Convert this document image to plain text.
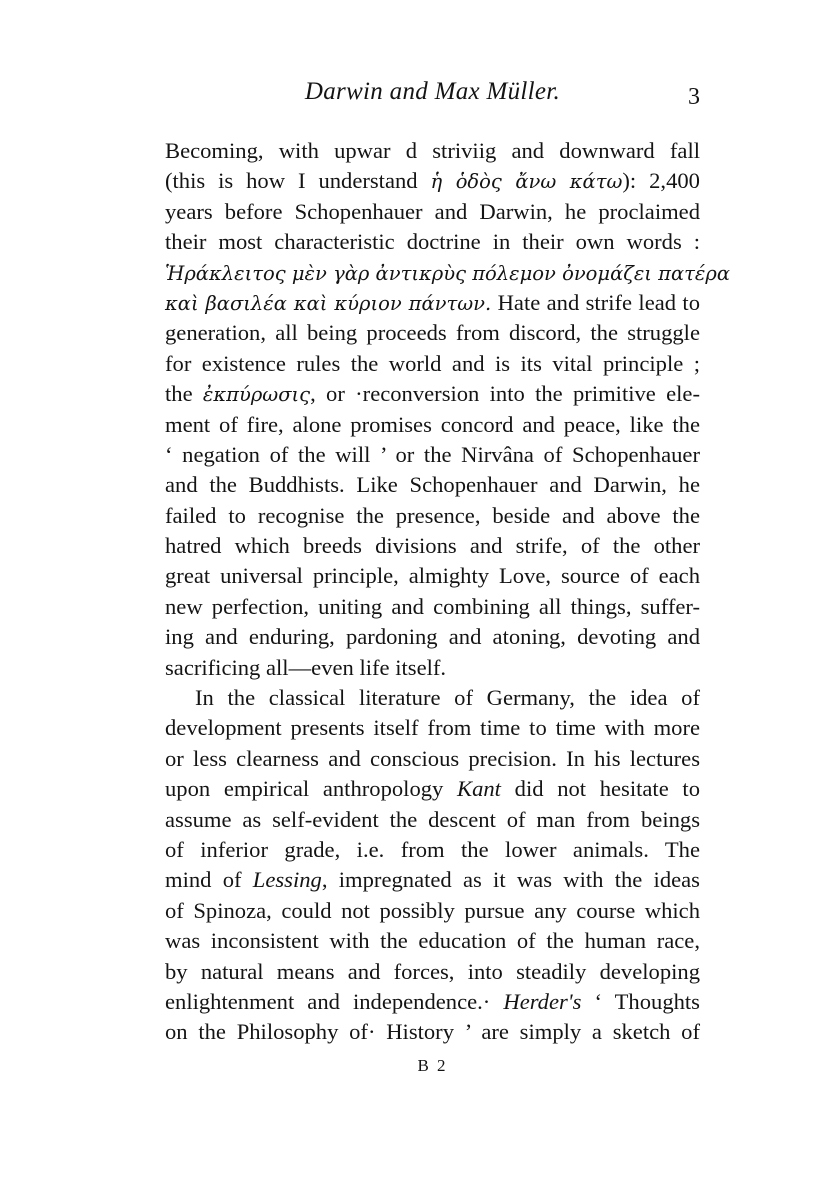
Darwin and Max Müller.	3
Becoming, with upwar d striviig and downward fall
(this is how I understand ἡ ὁδὸς ἄνω κάτω): 2,400
years before Schopenhauer and Darwin, he proclaimed
their most characteristic doctrine in their own words :
Ἡράκλειτος μὲν γὰρ ἀντικρὺς πόλεμον ὀνομάζει πατέρα
καὶ βασιλέα καὶ κύριον πάντων. Hate and strife lead to
generation, all being proceeds from discord, the struggle
for existence rules the world and is its vital principle ;
the ἐκπύρωσις, or ·reconversion into the primitive ele-
ment of fire, alone promises concord and peace, like the
‘ negation of the will ’ or the Nirvâna of Schopenhauer
and the Buddhists. Like Schopenhauer and Darwin, he
failed to recognise the presence, beside and above the
hatred which breeds divisions and strife, of the other
great universal principle, almighty Love, source of each
new perfection, uniting and combining all things, suffer-
ing and enduring, pardoning and atoning, devoting and
sacrificing all—even life itself.
In the classical literature of Germany, the idea of
development presents itself from time to time with more
or less clearness and conscious precision. In his lectures
upon empirical anthropology Kant did not hesitate to
assume as self-evident the descent of man from beings
of inferior grade, i.e. from the lower animals. The
mind of Lessing, impregnated as it was with the ideas
of Spinoza, could not possibly pursue any course which
was inconsistent with the education of the human race,
by natural means and forces, into steadily developing
enlightenment and independence.· Herder's ‘ Thoughts
on the Philosophy of· History ’ are simply a sketch of
B 2
